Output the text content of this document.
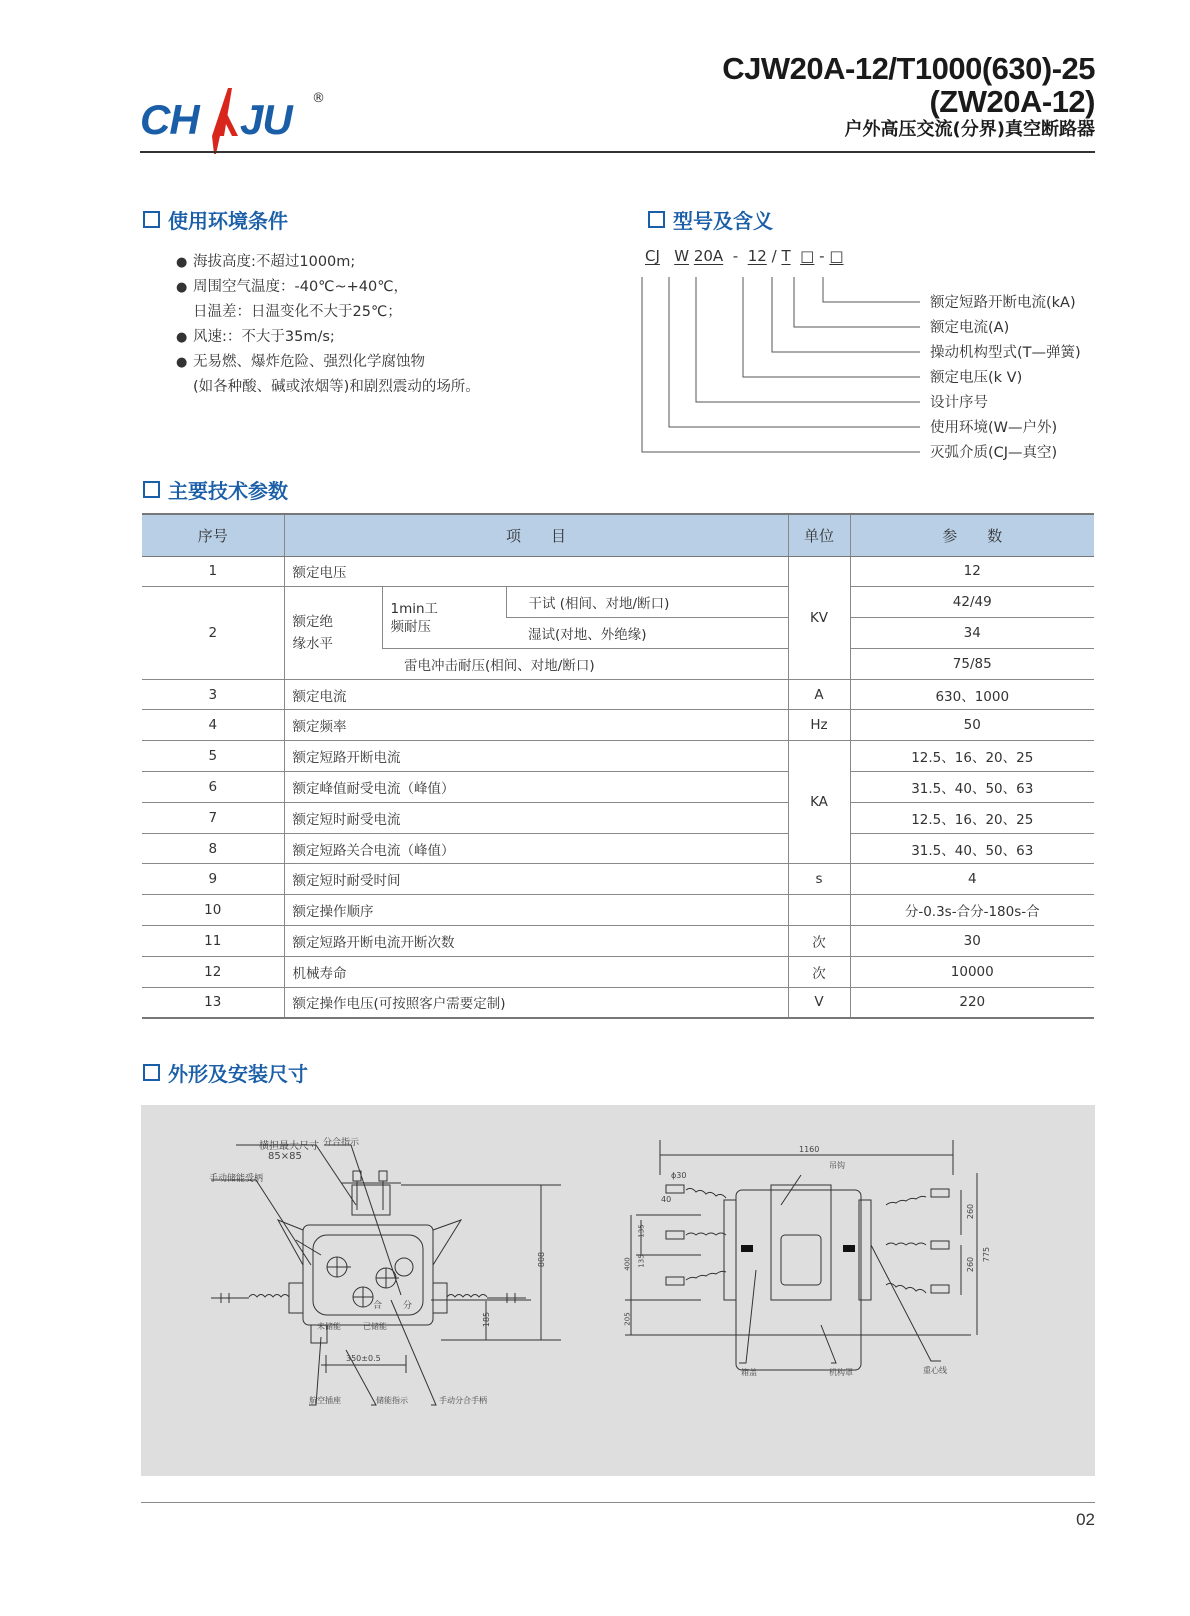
CH JU ®
CJW20A-12/T1000(630)-25
(ZW20A-12)
户外高压交流(分界)真空断路器
使用环境条件
● 海拔高度:不超过1000m;
● 周围空气温度：-40℃~+40℃，
日温差：日温变化不大于25℃；
● 风速:：不大于35m/s;
● 无易燃、爆炸危险、强烈化学腐蚀物
(如各种酸、碱或浓烟等)和剧烈震动的场所。
型号及含义
CJ W 20A - 12 / T □ - □
额定短路开断电流(kA)
额定电流(A)
操动机构型式(T—弹簧)
额定电压(k V)
设计序号
使用环境(W—户外)
灭弧介质(CJ—真空)
主要技术参数
序号	项　　目			单位	参　　数
1	额定电压			KV	12
2	额定绝缘水平	1min工频耐压	干试 (相间、对地/断口)		42/49
			湿试(对地、外绝缘)		34
		雷电冲击耐压(相间、对地/断口)			75/85
3	额定电流			A	630、1000
4	额定频率			Hz	50
5	额定短路开断电流			KA	12.5、16、20、25
6	额定峰值耐受电流（峰值）				31.5、40、50、63
7	额定短时耐受电流				12.5、16、20、25
8	额定短路关合电流（峰值）				31.5、40、50、63
9	额定短时耐受时间			s	4
10	额定操作顺序				分-0.3s-合分-180s-合
11	额定短路开断电流开断次数			次	30
12	机械寿命			次	10000
13	额定操作电压(可按照客户需要定制)			V	220
外形及安装尺寸
横担最大尺寸
85×85
分合指示
手动储能受柄
合 分
未储能	已储能
808
185
350±0.5
航空插座	储能指示	手动分合手柄
1160
ϕ30
40
吊钩
135
135
400
205
260
260
775
箱盖	机构罩	重心线
02
